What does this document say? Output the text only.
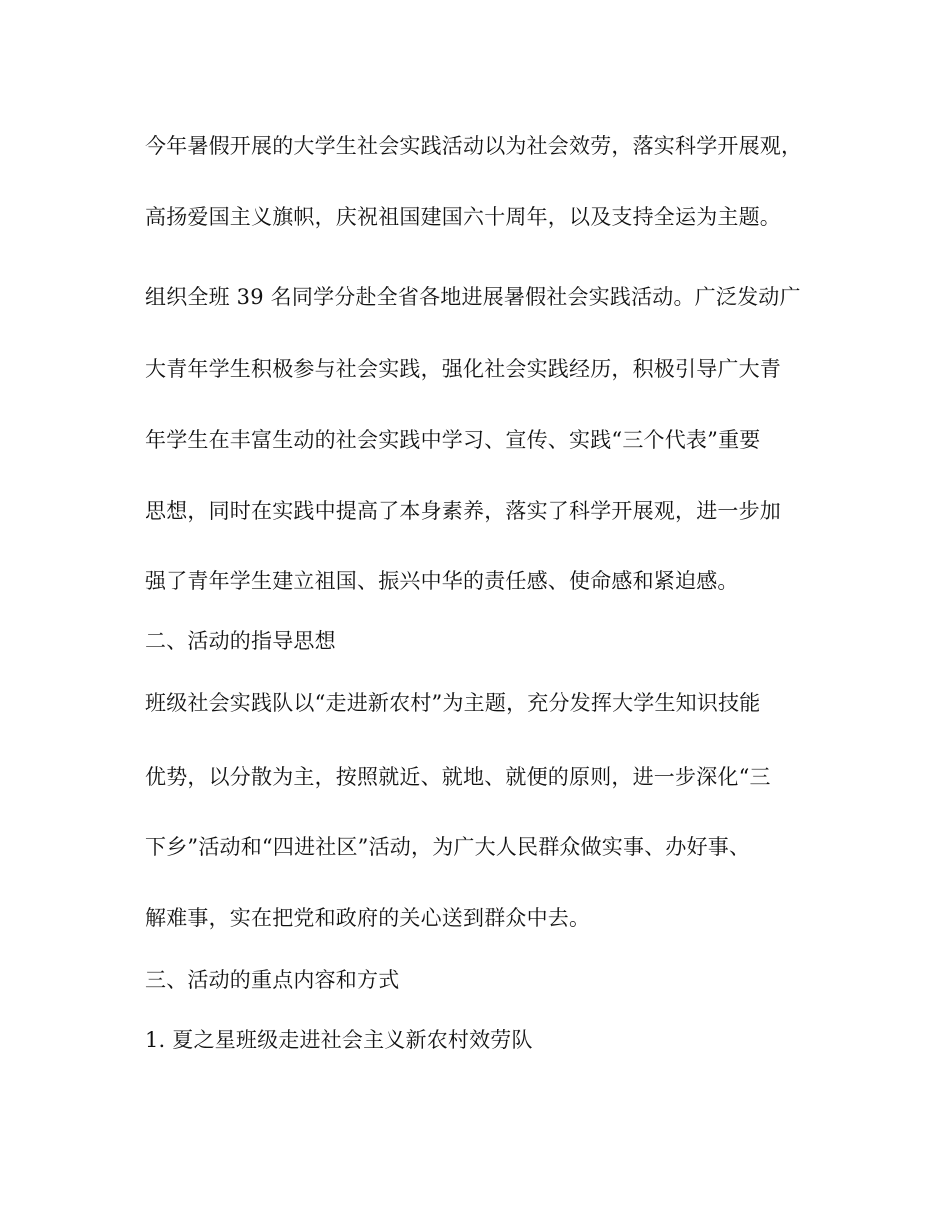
今年暑假开展的大学生社会实践活动以为社会效劳，落实科学开展观，
高扬爱国主义旗帜，庆祝祖国建国六十周年，以及支持全运为主题。
组织全班 39 名同学分赴全省各地进展暑假社会实践活动。广泛发动广
大青年学生积极参与社会实践，强化社会实践经历，积极引导广大青
年学生在丰富生动的社会实践中学习、宣传、实践“三个代表”重要
思想，同时在实践中提高了本身素养，落实了科学开展观，进一步加
强了青年学生建立祖国、振兴中华的责任感、使命感和紧迫感。
二、活动的指导思想
班级社会实践队以“走进新农村”为主题，充分发挥大学生知识技能
优势，以分散为主，按照就近、就地、就便的原则，进一步深化“三
下乡”活动和“四进社区”活动，为广大人民群众做实事、办好事、
解难事，实在把党和政府的关心送到群众中去。
三、活动的重点内容和方式
1. 夏之星班级走进社会主义新农村效劳队
